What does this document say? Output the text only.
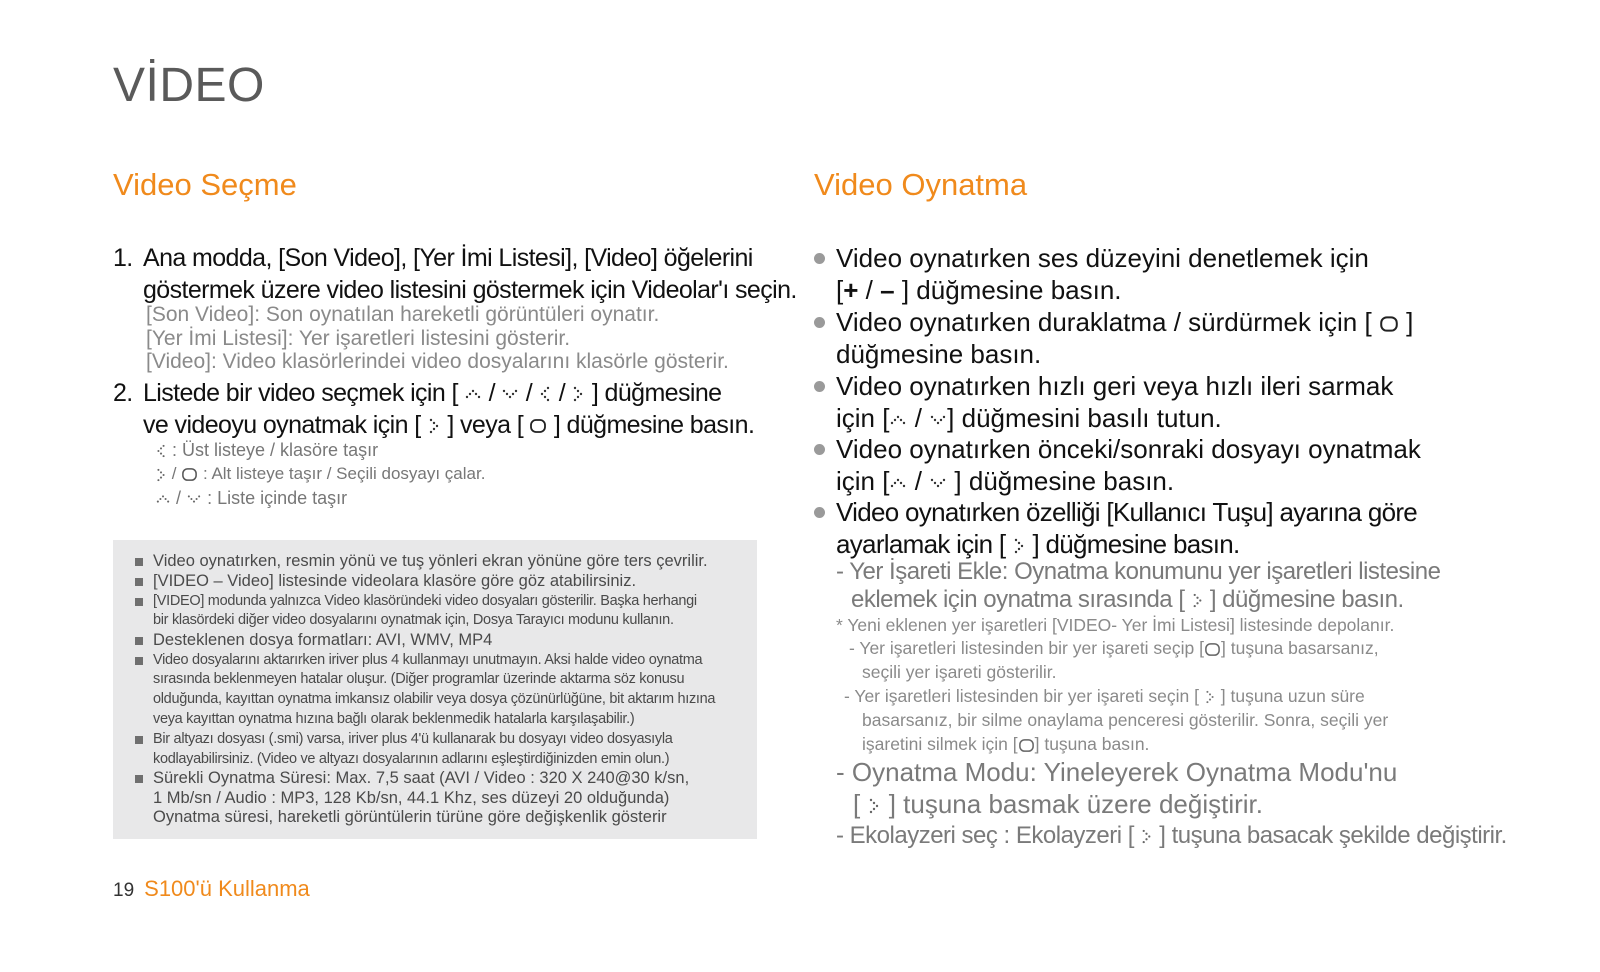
VİDEO
Video Seçme	Video Oynatma
1. Ana modda, [Son Video], [Yer İmi Listesi], [Video] öğelerini
göstermek üzere video listesini göstermek için Videolar'ı seçin.
[Son Video]: Son oynatılan hareketli görüntüleri oynatır.
[Yer İmi Listesi]: Yer işaretleri listesini gösterir.
[Video]: Video klasörlerindei video dosyalarını klasörle gösterir.
2. Listede bir video seçmek için [ / / / ] düğmesine
ve videoyu oynatmak için [ ] veya [ ] düğmesine basın.
: Üst listeye / klasöre taşır
/ : Alt listeye taşır / Seçili dosyayı çalar.
/ : Liste içinde taşır
Video oynatırken, resmin yönü ve tuş yönleri ekran yönüne göre ters çevrilir.
[VIDEO – Video] listesinde videolara klasöre göre göz atabilirsiniz.
[VIDEO] modunda yalnızca Video klasöründeki video dosyaları gösterilir. Başka herhangi
bir klasördeki diğer video dosyalarını oynatmak için, Dosya Tarayıcı modunu kullanın.
Desteklenen dosya formatları: AVI, WMV, MP4
Video dosyalarını aktarırken iriver plus 4 kullanmayı unutmayın. Aksi halde video oynatma
sırasında beklenmeyen hatalar oluşur. (Diğer programlar üzerinde aktarma söz konusu
olduğunda, kayıttan oynatma imkansız olabilir veya dosya çözünürlüğüne, bit aktarım hızına
veya kayıttan oynatma hızına bağlı olarak beklenmedik hatalarla karşılaşabilir.)
Bir altyazı dosyası (.smi) varsa, iriver plus 4'ü kullanarak bu dosyayı video dosyasıyla
kodlayabilirsiniz. (Video ve altyazı dosyalarının adlarını eşleştirdiğinizden emin olun.)
Sürekli Oynatma Süresi: Max. 7,5 saat (AVI / Video : 320 X 240@30 k/sn,
1 Mb/sn / Audio : MP3, 128 Kb/sn, 44.1 Khz, ses düzeyi 20 olduğunda)
Oynatma süresi, hareketli görüntülerin türüne göre değişkenlik gösterir
Video oynatırken ses düzeyini denetlemek için
[+ / – ] düğmesine basın.
Video oynatırken duraklatma / sürdürmek için [ ]
düğmesine basın.
Video oynatırken hızlı geri veya hızlı ileri sarmak
için [ / ] düğmesini basılı tutun.
Video oynatırken önceki/sonraki dosyayı oynatmak
için [ / ] düğmesine basın.
Video oynatırken özelliği [Kullanıcı Tuşu] ayarına göre
ayarlamak için [ ] düğmesine basın.
- Yer İşareti Ekle: Oynatma konumunu yer işaretleri listesine
eklemek için oynatma sırasında [ ] düğmesine basın.
* Yeni eklenen yer işaretleri [VIDEO- Yer İmi Listesi] listesinde depolanır.
- Yer işaretleri listesinden bir yer işareti seçip [ ] tuşuna basarsanız,
seçili yer işareti gösterilir.
- Yer işaretleri listesinden bir yer işareti seçin [ ] tuşuna uzun süre
basarsanız, bir silme onaylama penceresi gösterilir. Sonra, seçili yer
işaretini silmek için [ ] tuşuna basın.
- Oynatma Modu: Yineleyerek Oynatma Modu'nu
[ ] tuşuna basmak üzere değiştirir.
- Ekolayzeri seç : Ekolayzeri [ ] tuşuna basacak şekilde değiştirir.
19 S100'ü Kullanma
